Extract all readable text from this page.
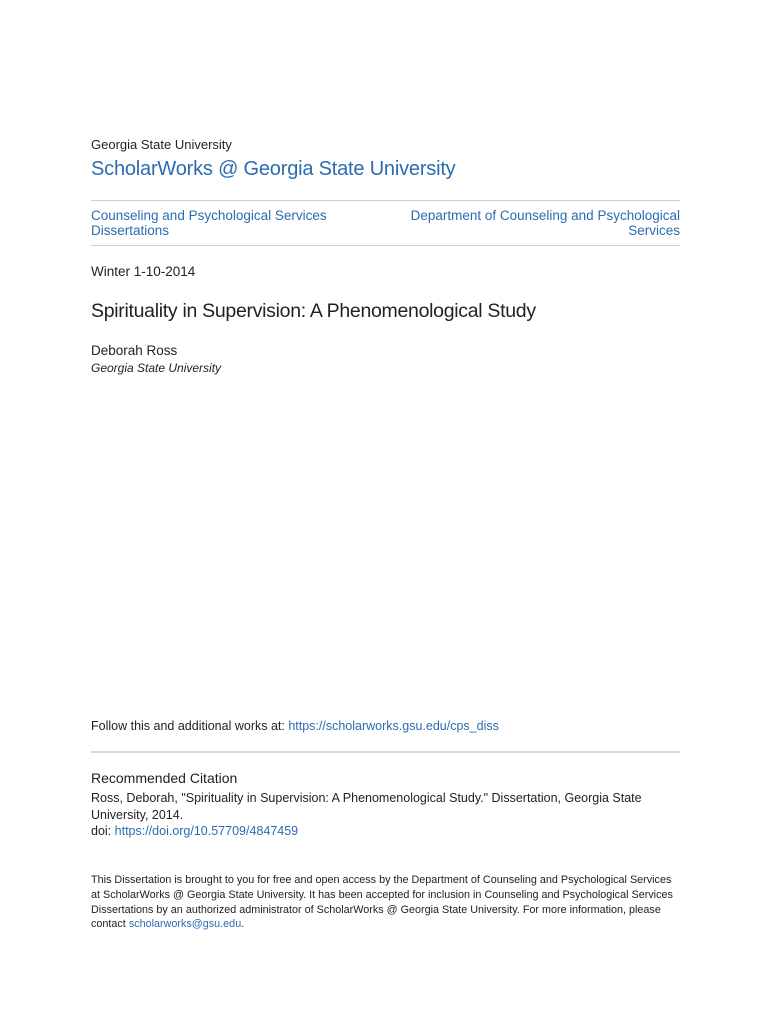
Georgia State University
ScholarWorks @ Georgia State University
Counseling and Psychological Services Dissertations
Department of Counseling and Psychological Services
Winter 1-10-2014
Spirituality in Supervision: A Phenomenological Study
Deborah Ross
Georgia State University
Follow this and additional works at: https://scholarworks.gsu.edu/cps_diss
Recommended Citation
Ross, Deborah, "Spirituality in Supervision: A Phenomenological Study." Dissertation, Georgia State University, 2014.
doi: https://doi.org/10.57709/4847459
This Dissertation is brought to you for free and open access by the Department of Counseling and Psychological Services at ScholarWorks @ Georgia State University. It has been accepted for inclusion in Counseling and Psychological Services Dissertations by an authorized administrator of ScholarWorks @ Georgia State University. For more information, please contact scholarworks@gsu.edu.
